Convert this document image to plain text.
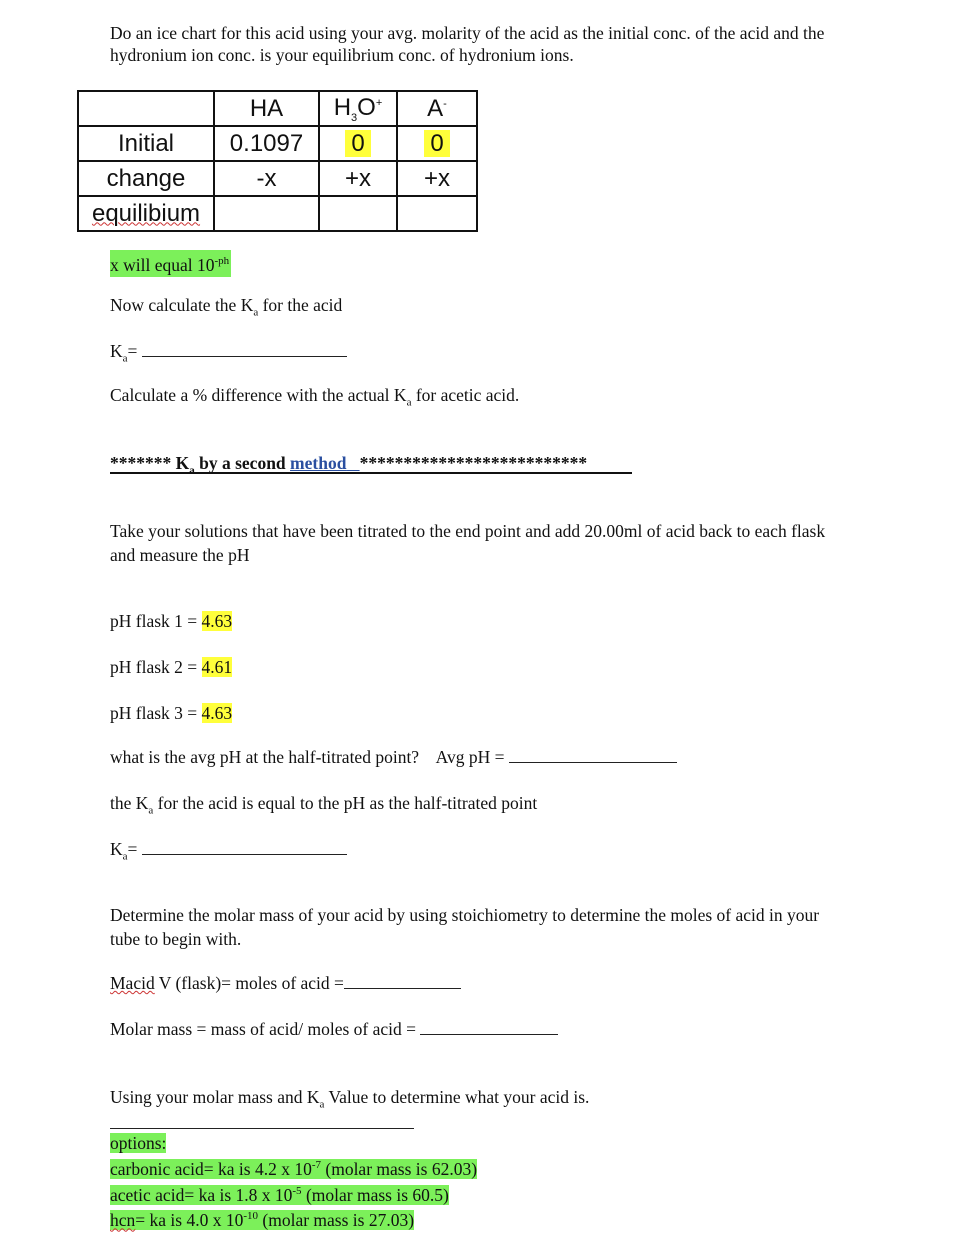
Do an ice chart for this acid using your avg. molarity of the acid as the initial conc. of the acid and the
hydronium ion conc. is your equilibrium conc. of hydronium ions.
	HA	$H_3O^+$	A-
Initial	0.1097	0	0
change	-x	+x	+x
equilibium			
x will equal $10^{-ph}$
Now calculate the $K_a$ for the acid
$K_a=$
Calculate a % difference with the actual $K_a$ for acetic acid.
******* $K_a$ by a second method **************************
Take your solutions that have been titrated to the end point and add 20.00ml of acid back to each flask
and measure the pH
pH flask 1 = 4.63
pH flask 2 = 4.61
pH flask 3 = 4.63
what is the avg pH at the half-titrated point? Avg pH =
the $K_a$ for the acid is equal to the pH as the half-titrated point
$K_a=$
Determine the molar mass of your acid by using stoichiometry to determine the moles of acid in your
tube to begin with.
Macid V (flask)= moles of acid =
Molar mass = mass of acid/ moles of acid =
Using your molar mass and $K_a$ Value to determine what your acid is.
options:
carbonic acid= ka is 4.2 x $10^{-7}$ (molar mass is 62.03)
acetic acid= ka is 1.8 x $10^{-5}$ (molar mass is 60.5)
hcn= ka is 4.0 x $10^{-10}$ (molar mass is 27.03)
